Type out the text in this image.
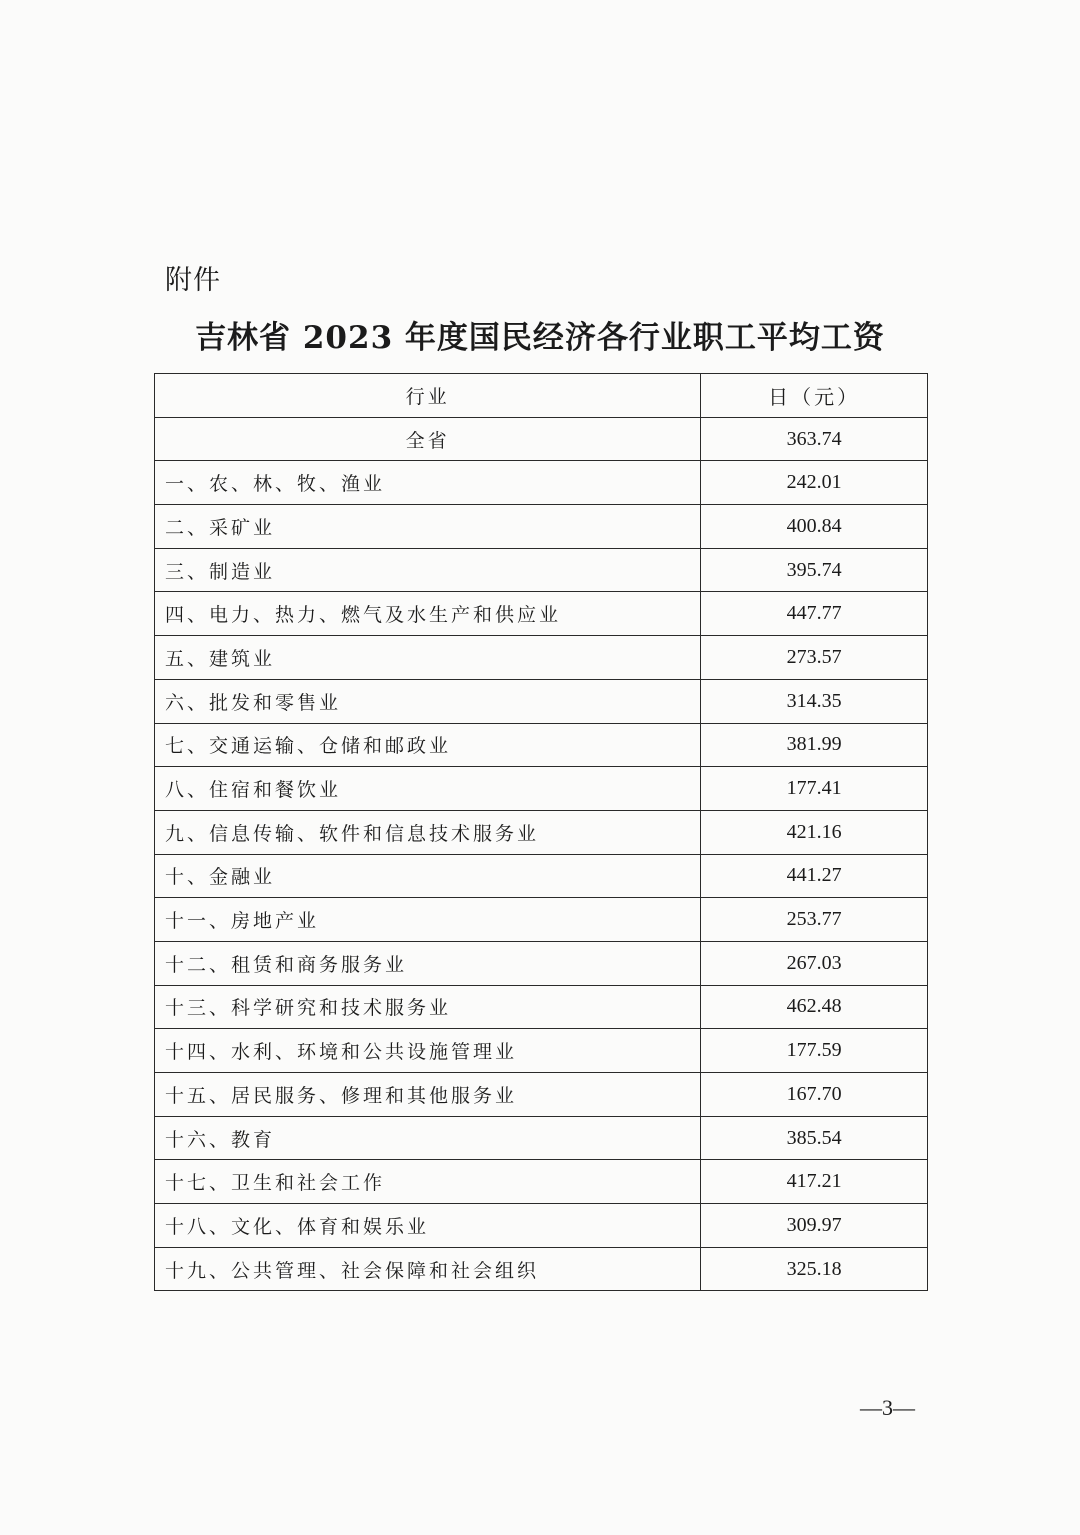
附件
吉林省 2023 年度国民经济各行业职工平均工资
行业	日（元）
全省	363.74
一、农、林、牧、渔业	242.01
二、采矿业	400.84
三、制造业	395.74
四、电力、热力、燃气及水生产和供应业	447.77
五、建筑业	273.57
六、批发和零售业	314.35
七、交通运输、仓储和邮政业	381.99
八、住宿和餐饮业	177.41
九、信息传输、软件和信息技术服务业	421.16
十、金融业	441.27
十一、房地产业	253.77
十二、租赁和商务服务业	267.03
十三、科学研究和技术服务业	462.48
十四、水利、环境和公共设施管理业	177.59
十五、居民服务、修理和其他服务业	167.70
十六、教育	385.54
十七、卫生和社会工作	417.21
十八、文化、体育和娱乐业	309.97
十九、公共管理、社会保障和社会组织	325.18
—3—
